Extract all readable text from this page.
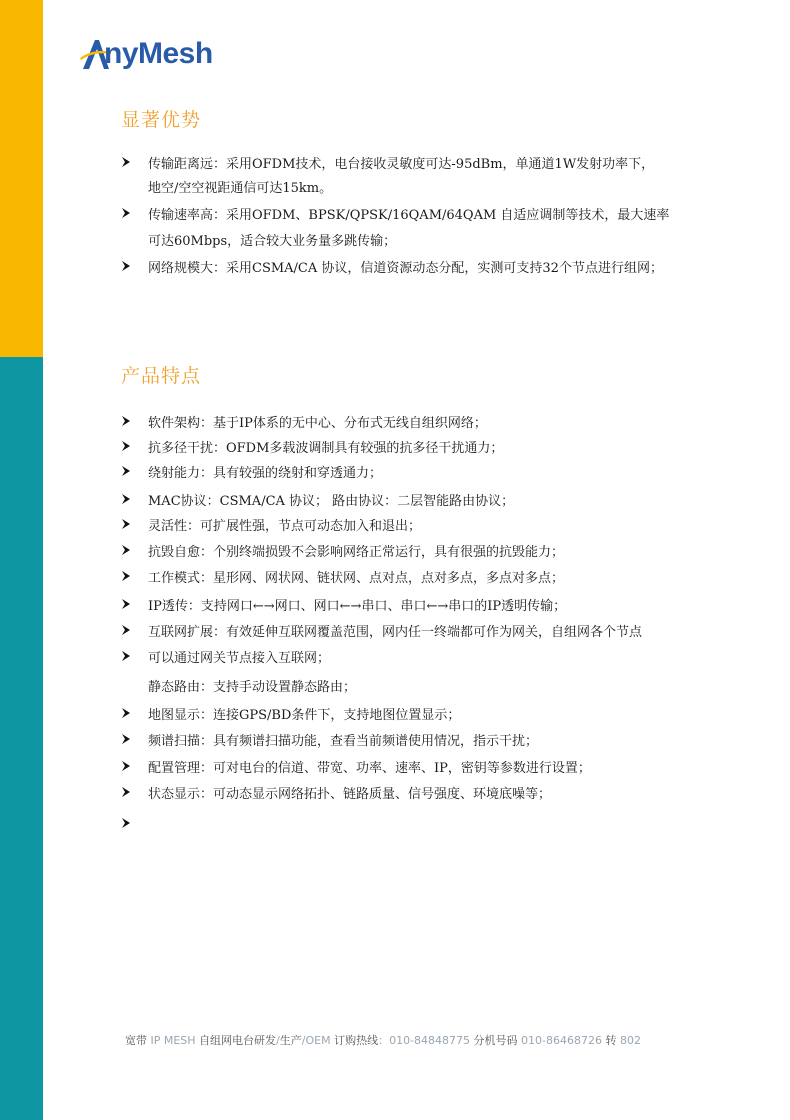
nyMesh
显著优势
传输距离远：采用OFDM技术，电台接收灵敏度可达-95dBm，单通道1W发射功率下，
地空/空空视距通信可达15km。
传输速率高：采用OFDM、BPSK/QPSK/16QAM/64QAM 自适应调制等技术，最大速率
可达60Mbps，适合较大业务量多跳传输；
网络规模大：采用CSMA/CA 协议，信道资源动态分配，实测可支持32个节点进行组网；
产品特点
软件架构：基于IP体系的无中心、分布式无线自组织网络；
抗多径干扰：OFDM多载波调制具有较强的抗多径干扰通力；
绕射能力：具有较强的绕射和穿透通力；
MAC协议：CSMA/CA 协议； 路由协议：二层智能路由协议；
灵活性：可扩展性强，节点可动态加入和退出；
抗毁自愈：个别终端损毁不会影响网络正常运行，具有很强的抗毁能力；
工作模式：星形网、网状网、链状网、点对点，点对多点，多点对多点；
IP透传：支持网口←→网口、网口←→串口、串口←→串口的IP透明传输；
互联网扩展：有效延伸互联网覆盖范围，网内任一终端都可作为网关，自组网各个节点
可以通过网关节点接入互联网；
静态路由：支持手动设置静态路由；
地图显示：连接GPS/BD条件下，支持地图位置显示；
频谱扫描：具有频谱扫描功能，查看当前频谱使用情况，指示干扰；
配置管理：可对电台的信道、带宽、功率、速率、IP，密钥等参数进行设置；
状态显示：可动态显示网络拓扑、链路质量、信号强度、环境底噪等；
宽带 IP MESH 自组网电台研发/生产/OEM 订购热线：010-84848775 分机号码 010-86468726 转 802
